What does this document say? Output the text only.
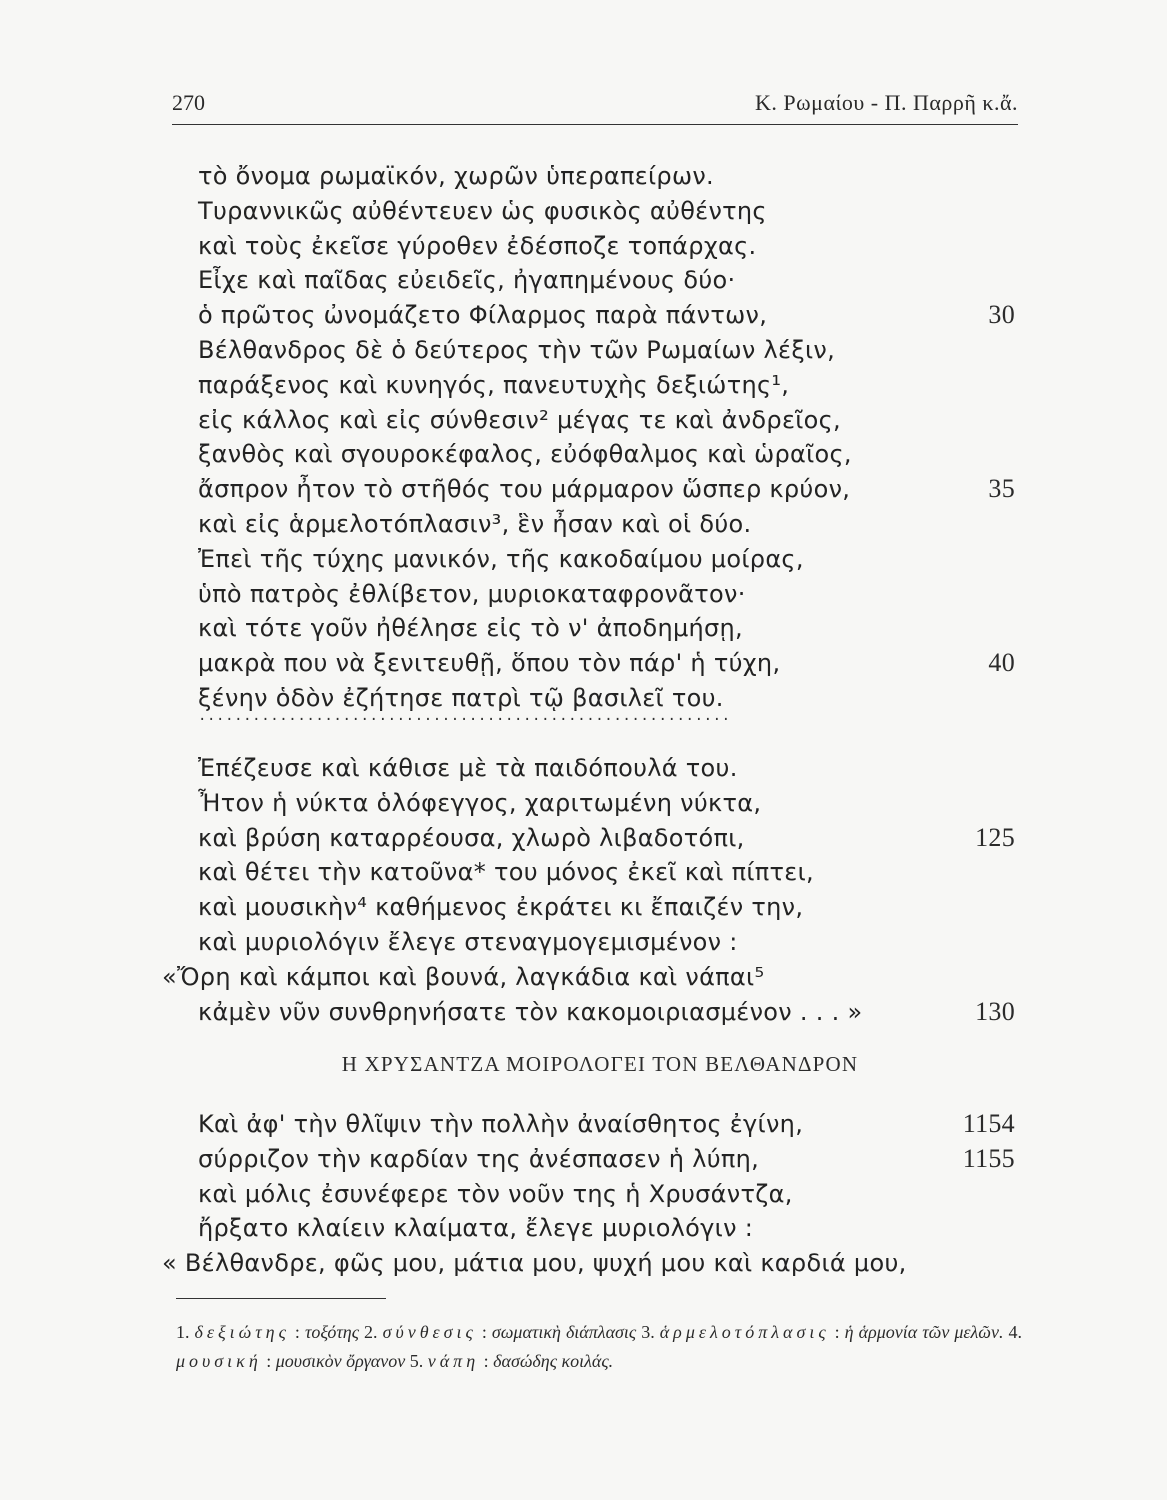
270	Κ. Ρωμαίου - Π. Παρρῆ κ.ἄ.
τὸ ὄνομα ρωμαϊκόν, χωρῶν ὑπεραπείρων.
Τυραννικῶς αὐθέντευεν ὡς φυσικὸς αὐθέντης
καὶ τοὺς ἐκεῖσε γύροθεν ἐδέσποζε τοπάρχας.
Εἶχε καὶ παῖδας εὐειδεῖς, ἠγαπημένους δύο·
ὁ πρῶτος ὠνομάζετο Φίλαρμος παρὰ πάντων,	30
Βέλθανδρος δὲ ὁ δεύτερος τὴν τῶν Ρωμαίων λέξιν,
παράξενος καὶ κυνηγός, πανευτυχὴς δεξιώτης¹,
εἰς κάλλος καὶ εἰς σύνθεσιν² μέγας τε καὶ ἀνδρεῖος,
ξανθὸς καὶ σγουροκέφαλος, εὐόφθαλμος καὶ ὡραῖος,
ἄσπρον ἦτον τὸ στῆθός του μάρμαρον ὥσπερ κρύον,	35
καὶ εἰς ἁρμελοτόπλασιν³, ἓν ἦσαν καὶ οἱ δύο.
Ἐπεὶ τῆς τύχης μανικόν, τῆς κακοδαίμου μοίρας,
ὑπὸ πατρὸς ἐθλίβετον, μυριοκαταφρονᾶτον·
καὶ τότε γοῦν ἠθέλησε εἰς τὸ ν' ἀποδημήσῃ,
μακρὰ που νὰ ξενιτευθῇ, ὅπου τὸν πάρ' ἡ τύχη,	40
ξένην ὁδὸν ἐζήτησε πατρὶ τῷ βασιλεῖ του.
...........................................................
Ἐπέζευσε καὶ κάθισε μὲ τὰ παιδόπουλά του.
Ἦτον ἡ νύκτα ὁλόφεγγος, χαριτωμένη νύκτα,
καὶ βρύση καταρρέουσα, χλωρὸ λιβαδοτόπι,	125
καὶ θέτει τὴν κατοῦνα* του μόνος ἐκεῖ καὶ πίπτει,
καὶ μουσικὴν⁴ καθήμενος ἐκράτει κι ἔπαιζέν την,
καὶ μυριολόγιν ἔλεγε στεναγμογεμισμένον :
«Ὄρη καὶ κάμποι καὶ βουνά, λαγκάδια καὶ νάπαι⁵
κἀμὲν νῦν συνθρηνήσατε τὸν κακομοιριασμένον . . . »	130
Η ΧΡΥΣΑΝΤΖΑ ΜΟΙΡΟΛΟΓΕΙ ΤΟΝ ΒΕΛΘΑΝΔΡΟΝ
Καὶ ἀφ' τὴν θλῖψιν τὴν πολλὴν ἀναίσθητος ἐγίνη,	1154
σύρριζον τὴν καρδίαν της ἀνέσπασεν ἡ λύπη,	1155
καὶ μόλις ἐσυνέφερε τὸν νοῦν της ἡ Χρυσάντζα,
ἤρξατο κλαίειν κλαίματα, ἔλεγε μυριολόγιν :
« Βέλθανδρε, φῶς μου, μάτια μου, ψυχή μου καὶ καρδιά μου,
1. δεξιώτης : τοξότης 2. σύνθεσις : σωματικὴ διάπλασις 3. ἁρμελοτόπλασις : ἡ ἁρμονία τῶν μελῶν. 4. μουσική : μουσικὸν ὄργανον 5. νάπη : δασώδης κοιλάς.
